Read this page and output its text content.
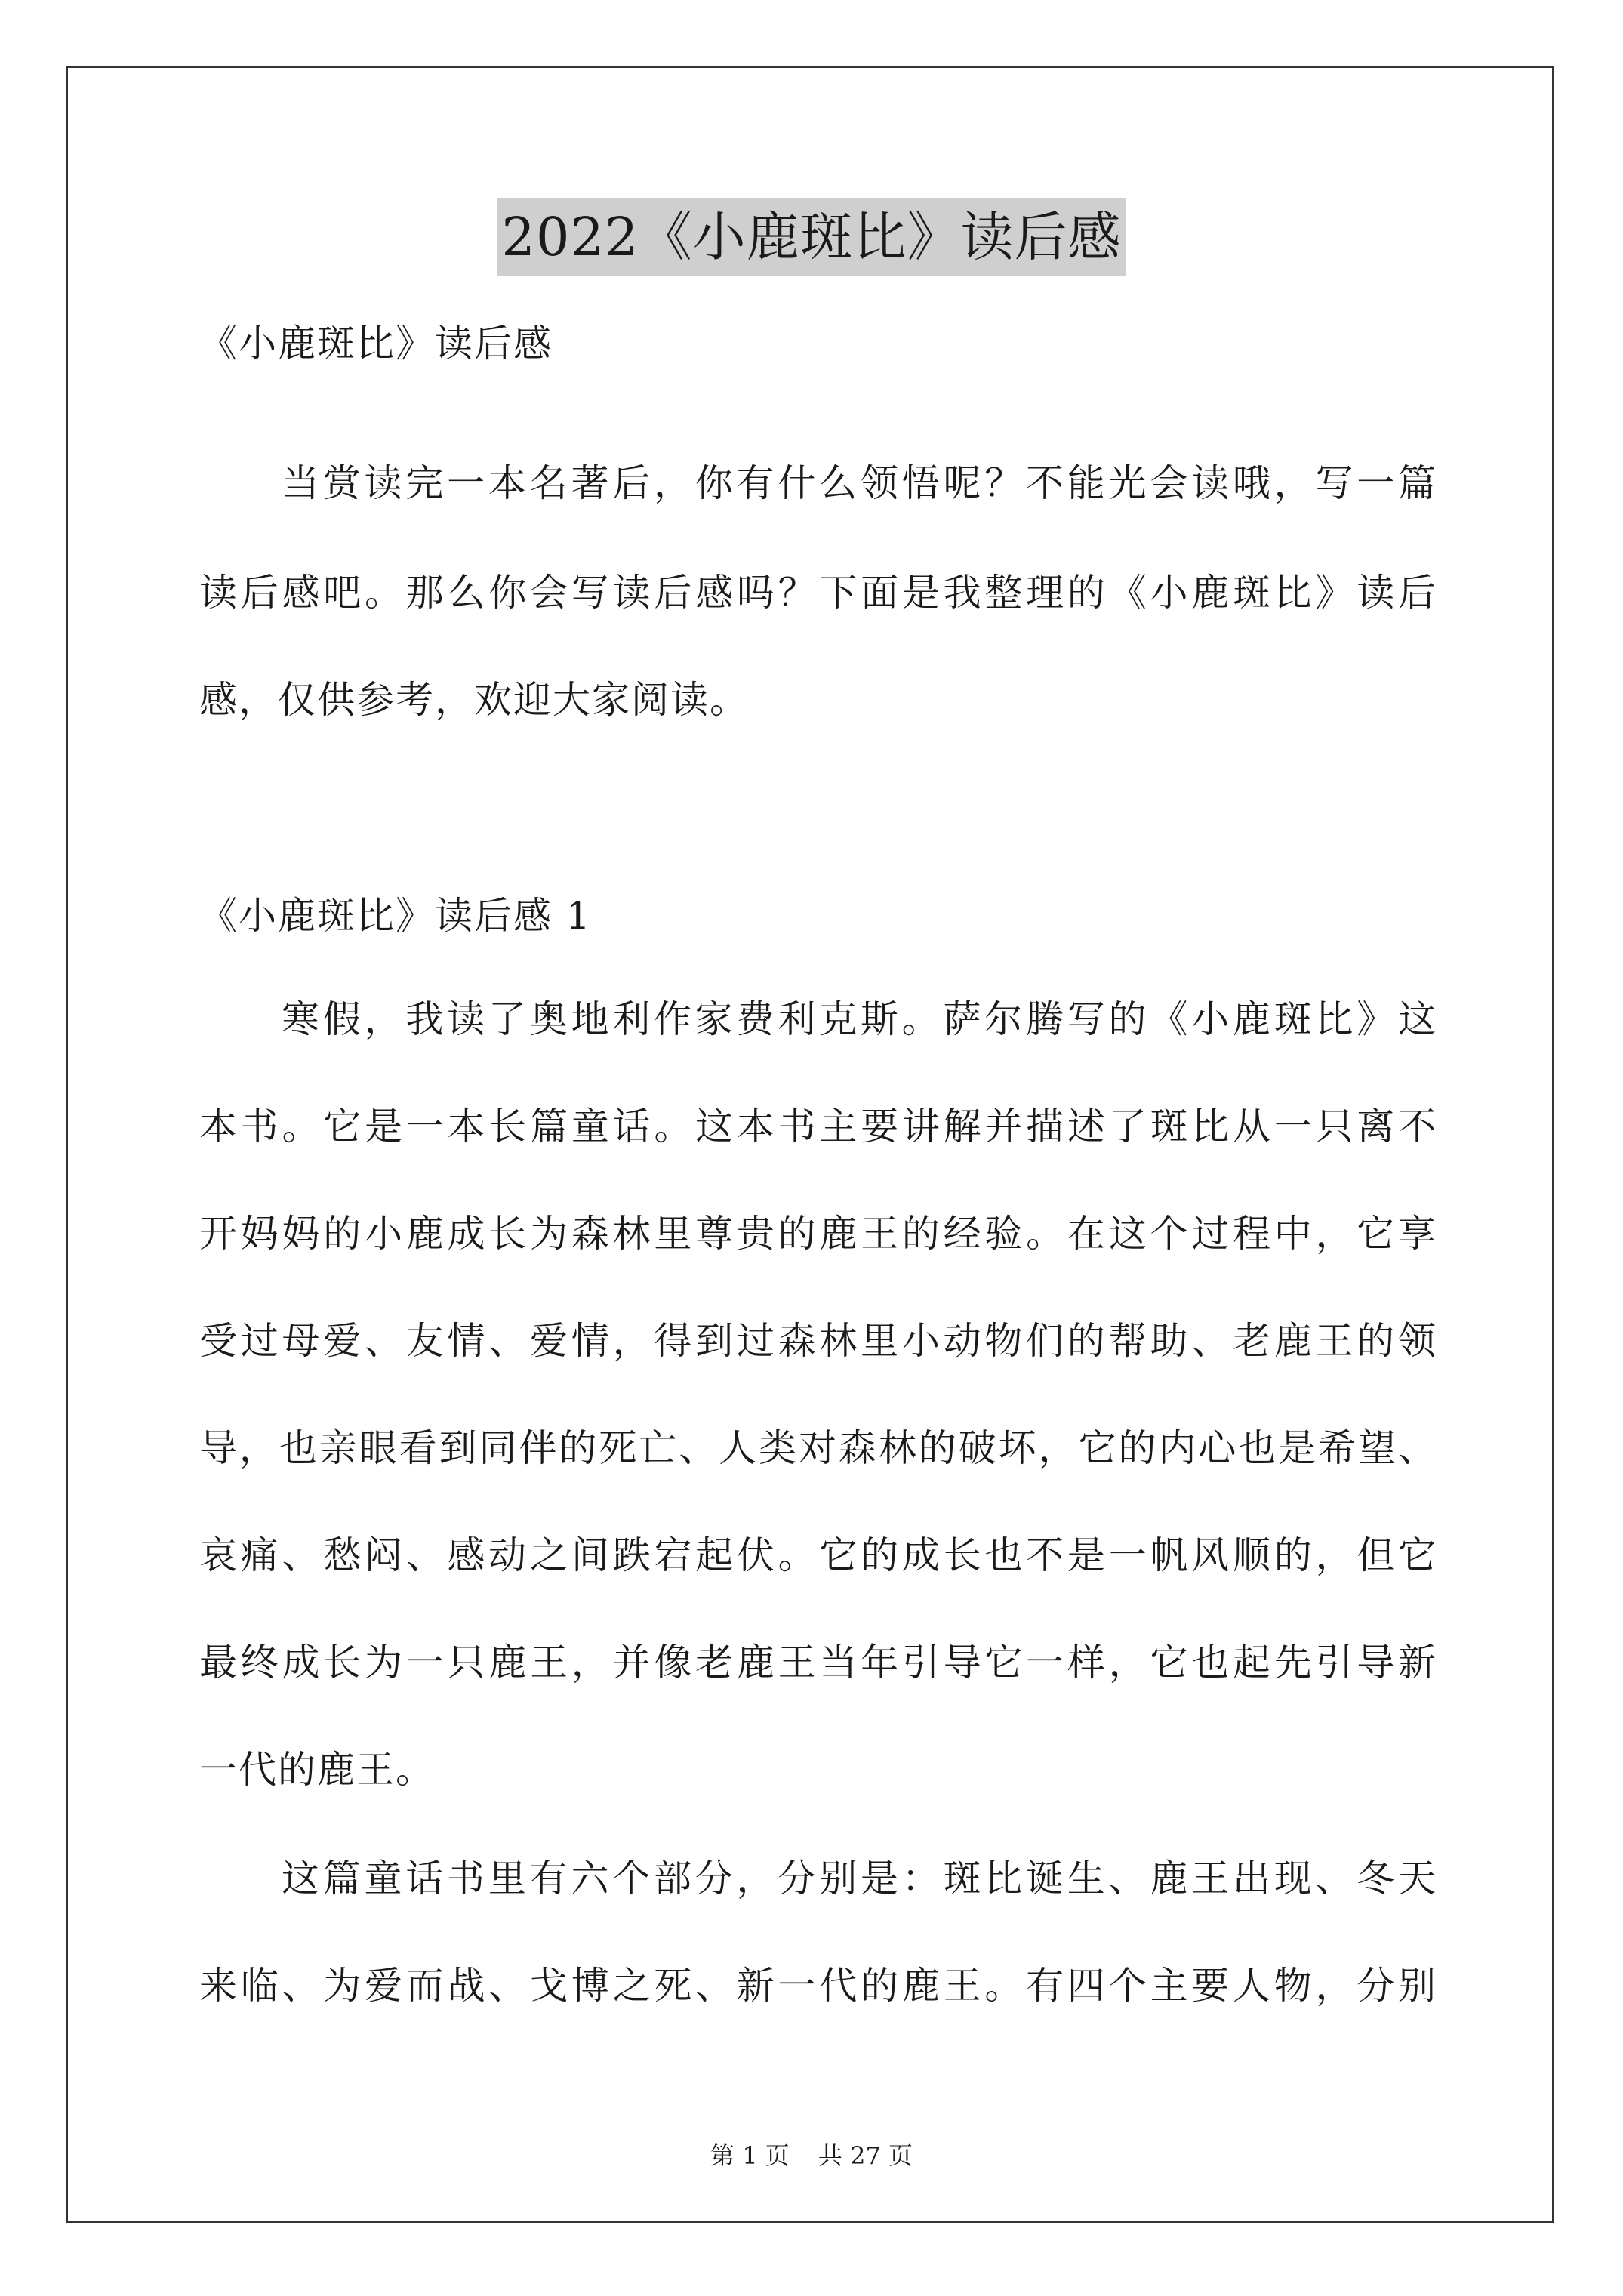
2022《小鹿斑比》读后感
《小鹿斑比》读后感
当赏读完一本名著后，你有什么领悟呢？不能光会读哦，写一篇
读后感吧。那么你会写读后感吗？下面是我整理的《小鹿斑比》读后
感，仅供参考，欢迎大家阅读。
《小鹿斑比》读后感 1
寒假，我读了奥地利作家费利克斯。萨尔腾写的《小鹿斑比》这
本书。它是一本长篇童话。这本书主要讲解并描述了斑比从一只离不
开妈妈的小鹿成长为森林里尊贵的鹿王的经验。在这个过程中，它享
受过母爱、友情、爱情，得到过森林里小动物们的帮助、老鹿王的领
导，也亲眼看到同伴的死亡、人类对森林的破坏，它的内心也是希望、
哀痛、愁闷、感动之间跌宕起伏。它的成长也不是一帆风顺的，但它
最终成长为一只鹿王，并像老鹿王当年引导它一样，它也起先引导新
一代的鹿王。
这篇童话书里有六个部分，分别是：斑比诞生、鹿王出现、冬天
来临、为爱而战、戈博之死、新一代的鹿王。有四个主要人物，分别
第 1 页 共 27 页
